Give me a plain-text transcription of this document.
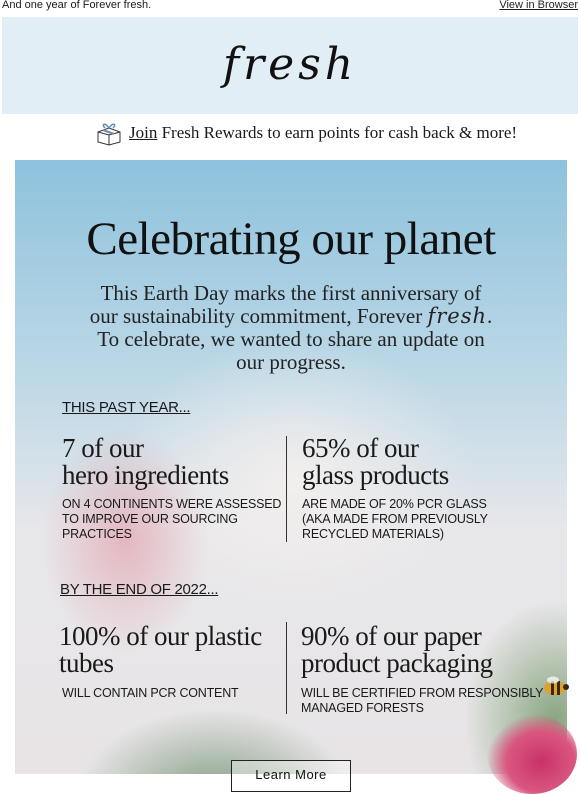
And one year of Forever fresh.	View in Browser
fresh
Join Fresh Rewards to earn points for cash back & more!
Celebrating our planet
This Earth Day marks the first anniversary of
our sustainability commitment, Forever fresh.
To celebrate, we wanted to share an update on
our progress.
THIS PAST YEAR...
7 of our
hero ingredients
ON 4 CONTINENTS WERE ASSESSED
TO IMPROVE OUR SOURCING
PRACTICES
65% of our
glass products
ARE MADE OF 20% PCR GLASS
(AKA MADE FROM PREVIOUSLY
RECYCLED MATERIALS)
BY THE END OF 2022...
100% of our plastic
tubes
WILL CONTAIN PCR CONTENT
90% of our paper
product packaging
WILL BE CERTIFIED FROM RESPONSIBLY
MANAGED FORESTS
Learn More
